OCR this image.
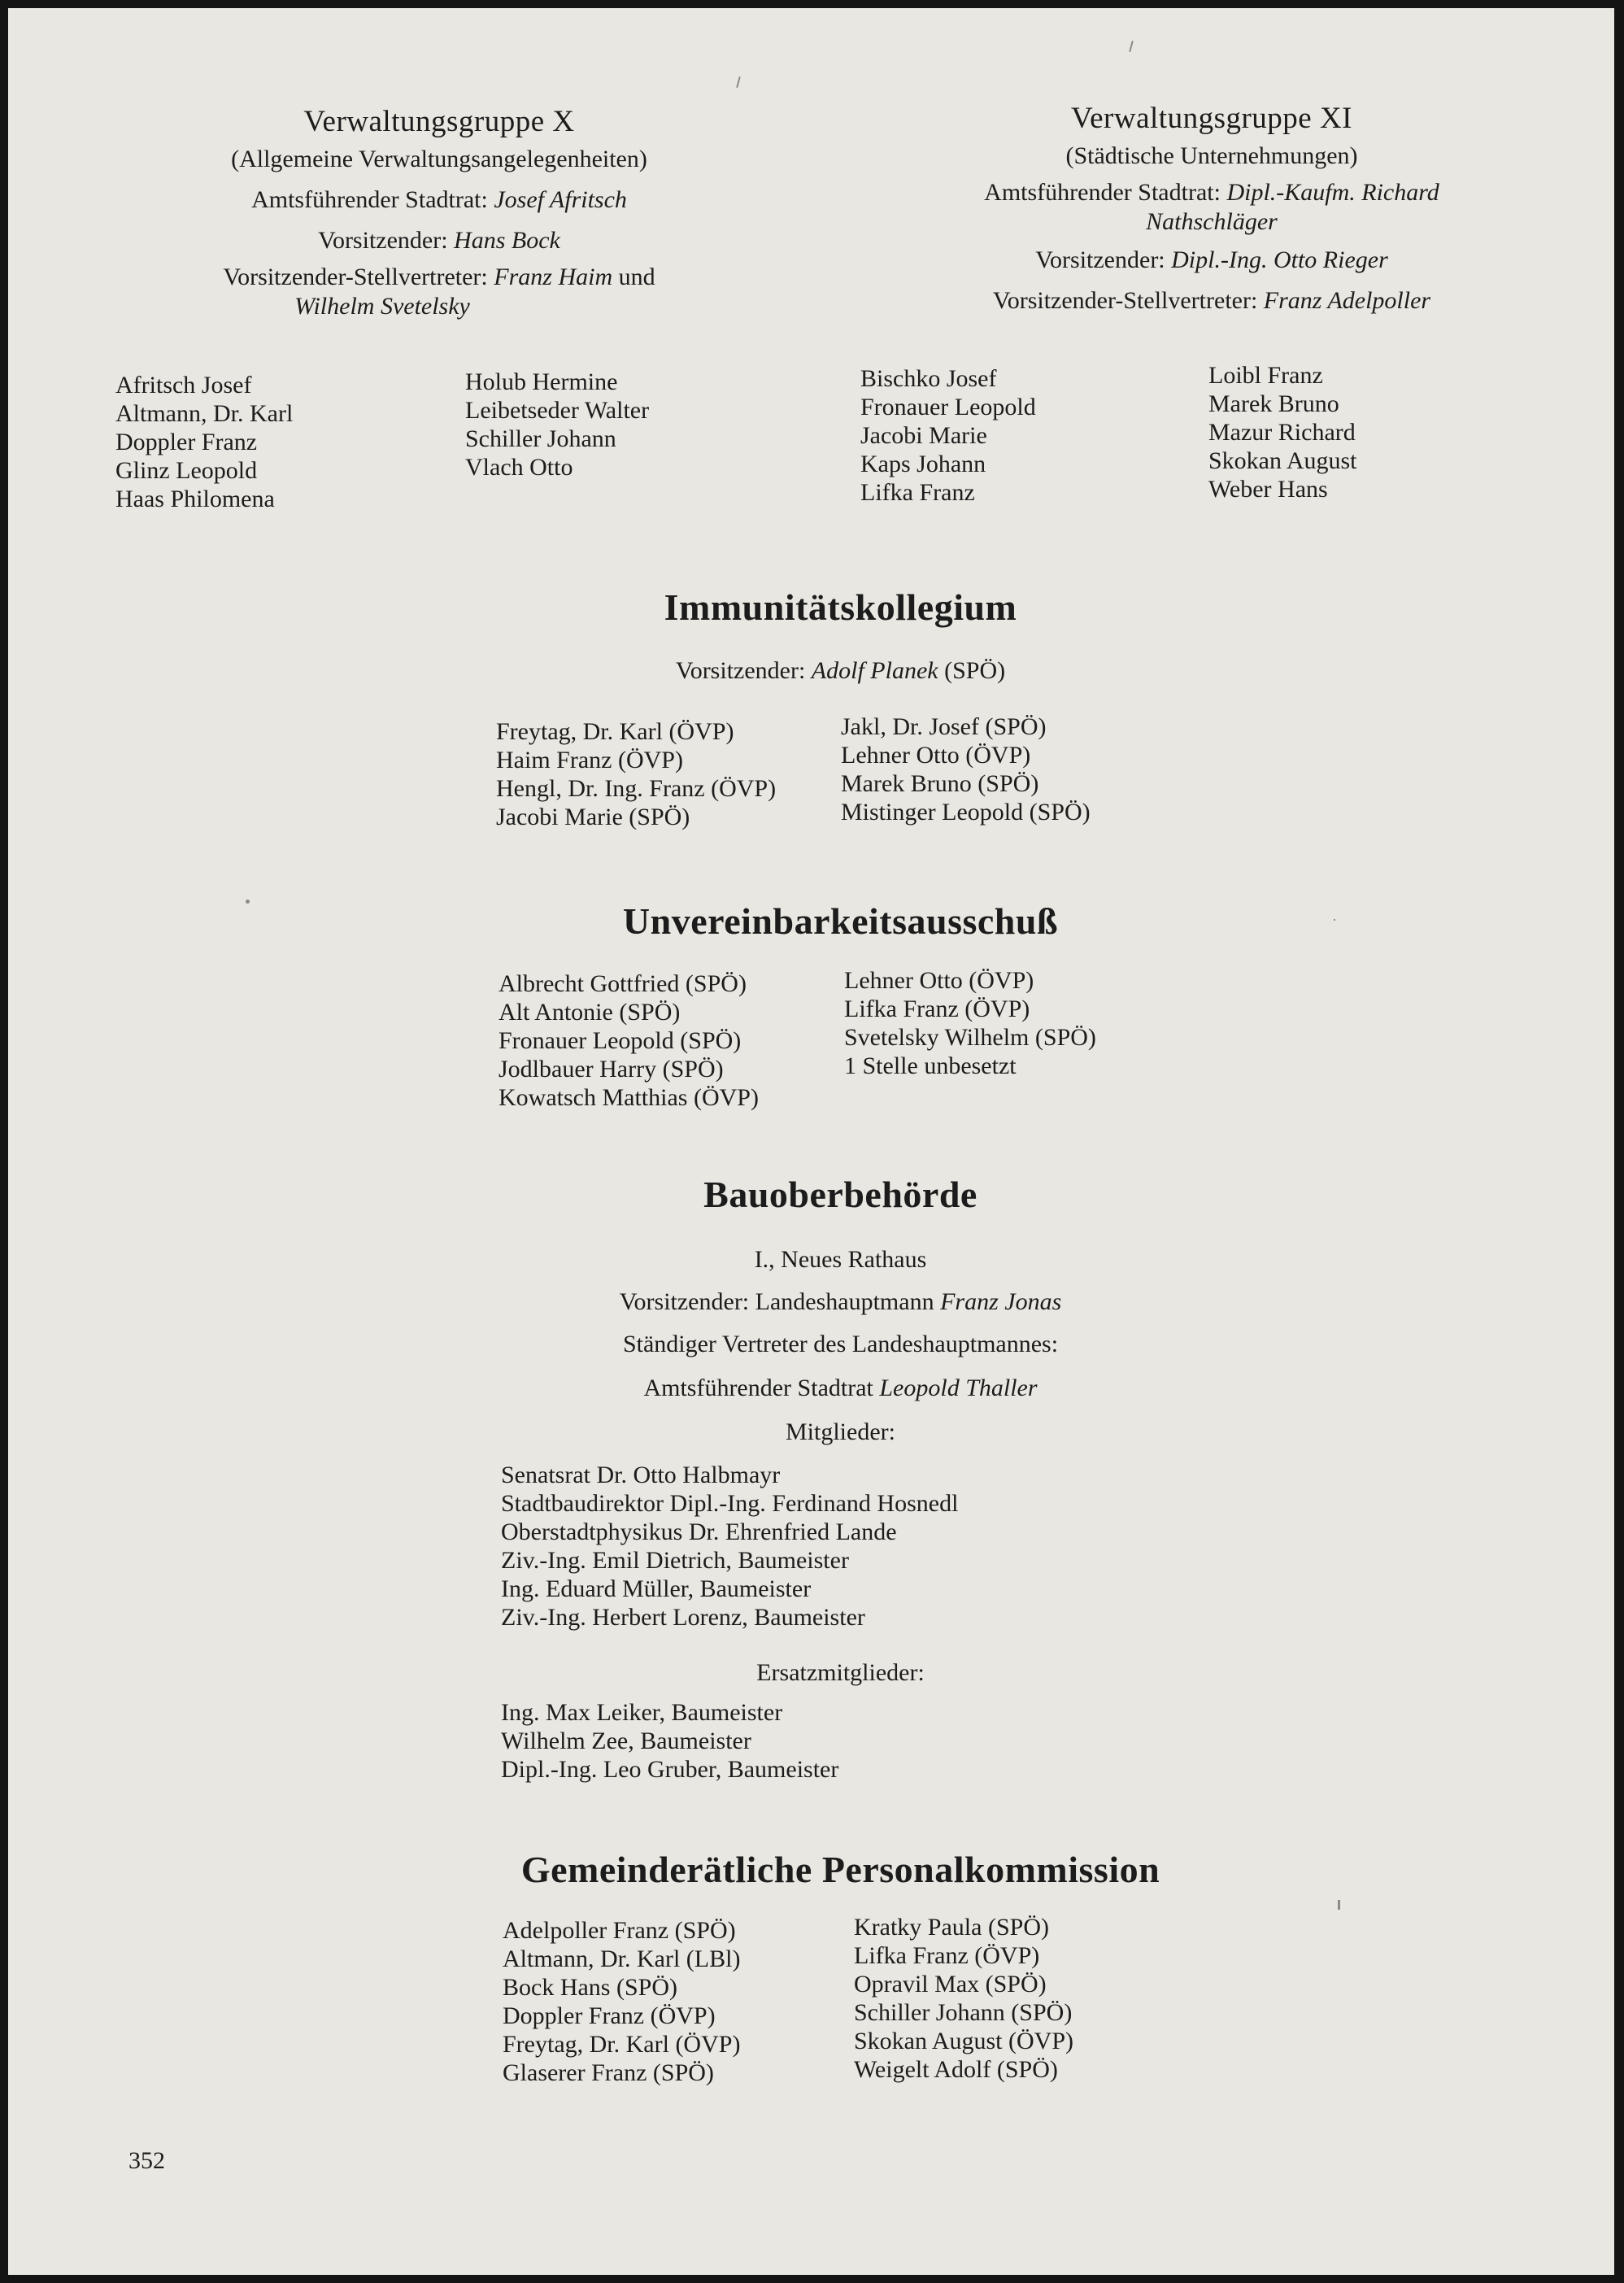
Verwaltungsgruppe X
(Allgemeine Verwaltungsangelegenheiten)
Amtsführender Stadtrat: Josef Afritsch
Vorsitzender: Hans Bock
Vorsitzender-Stellvertreter: Franz Haim und
Wilhelm Svetelsky
Afritsch Josef
Altmann, Dr. Karl
Doppler Franz
Glinz Leopold
Haas Philomena
Holub Hermine
Leibetseder Walter
Schiller Johann
Vlach Otto
Verwaltungsgruppe XI
(Städtische Unternehmungen)
Amtsführender Stadtrat: Dipl.-Kaufm. Richard
Nathschläger
Vorsitzender: Dipl.-Ing. Otto Rieger
Vorsitzender-Stellvertreter: Franz Adelpoller
Bischko Josef
Fronauer Leopold
Jacobi Marie
Kaps Johann
Lifka Franz
Loibl Franz
Marek Bruno
Mazur Richard
Skokan August
Weber Hans
Immunitätskollegium
Vorsitzender: Adolf Planek (SPÖ)
Freytag, Dr. Karl (ÖVP)
Haim Franz (ÖVP)
Hengl, Dr. Ing. Franz (ÖVP)
Jacobi Marie (SPÖ)
Jakl, Dr. Josef (SPÖ)
Lehner Otto (ÖVP)
Marek Bruno (SPÖ)
Mistinger Leopold (SPÖ)
Unvereinbarkeitsausschuß
Albrecht Gottfried (SPÖ)
Alt Antonie (SPÖ)
Fronauer Leopold (SPÖ)
Jodlbauer Harry (SPÖ)
Kowatsch Matthias (ÖVP)
Lehner Otto (ÖVP)
Lifka Franz (ÖVP)
Svetelsky Wilhelm (SPÖ)
1 Stelle unbesetzt
Bauoberbehörde
I., Neues Rathaus
Vorsitzender: Landeshauptmann Franz Jonas
Ständiger Vertreter des Landeshauptmannes:
Amtsführender Stadtrat Leopold Thaller
Mitglieder:
Senatsrat Dr. Otto Halbmayr
Stadtbaudirektor Dipl.-Ing. Ferdinand Hosnedl
Oberstadtphysikus Dr. Ehrenfried Lande
Ziv.-Ing. Emil Dietrich, Baumeister
Ing. Eduard Müller, Baumeister
Ziv.-Ing. Herbert Lorenz, Baumeister
Ersatzmitglieder:
Ing. Max Leiker, Baumeister
Wilhelm Zee, Baumeister
Dipl.-Ing. Leo Gruber, Baumeister
Gemeinderätliche Personalkommission
Adelpoller Franz (SPÖ)
Altmann, Dr. Karl (LBl)
Bock Hans (SPÖ)
Doppler Franz (ÖVP)
Freytag, Dr. Karl (ÖVP)
Glaserer Franz (SPÖ)
Kratky Paula (SPÖ)
Lifka Franz (ÖVP)
Opravil Max (SPÖ)
Schiller Johann (SPÖ)
Skokan August (ÖVP)
Weigelt Adolf (SPÖ)
352
